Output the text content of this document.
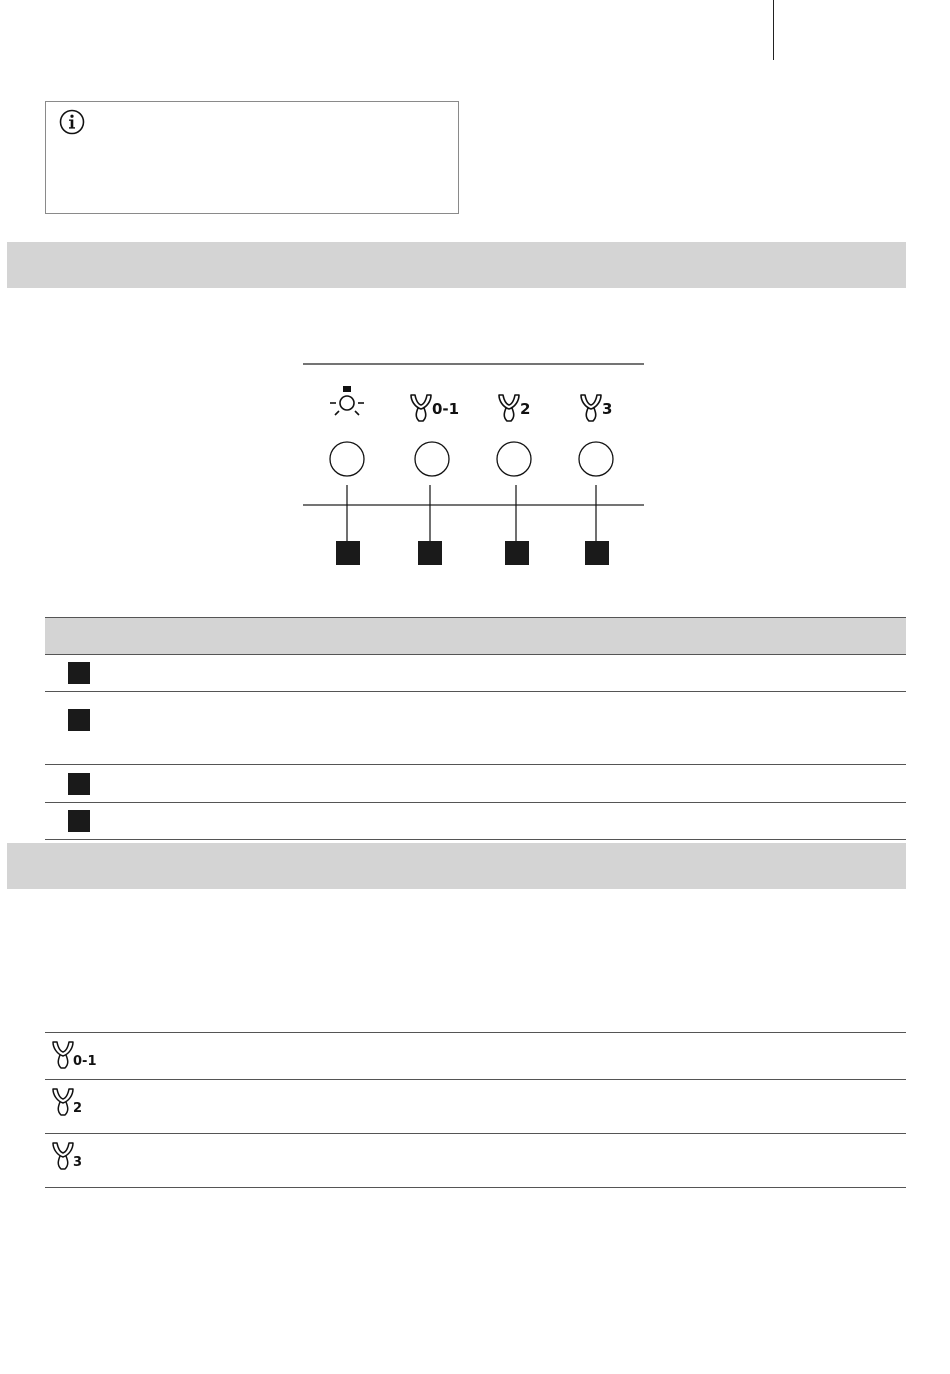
0-1	2	3

0-1	

2	

3	
